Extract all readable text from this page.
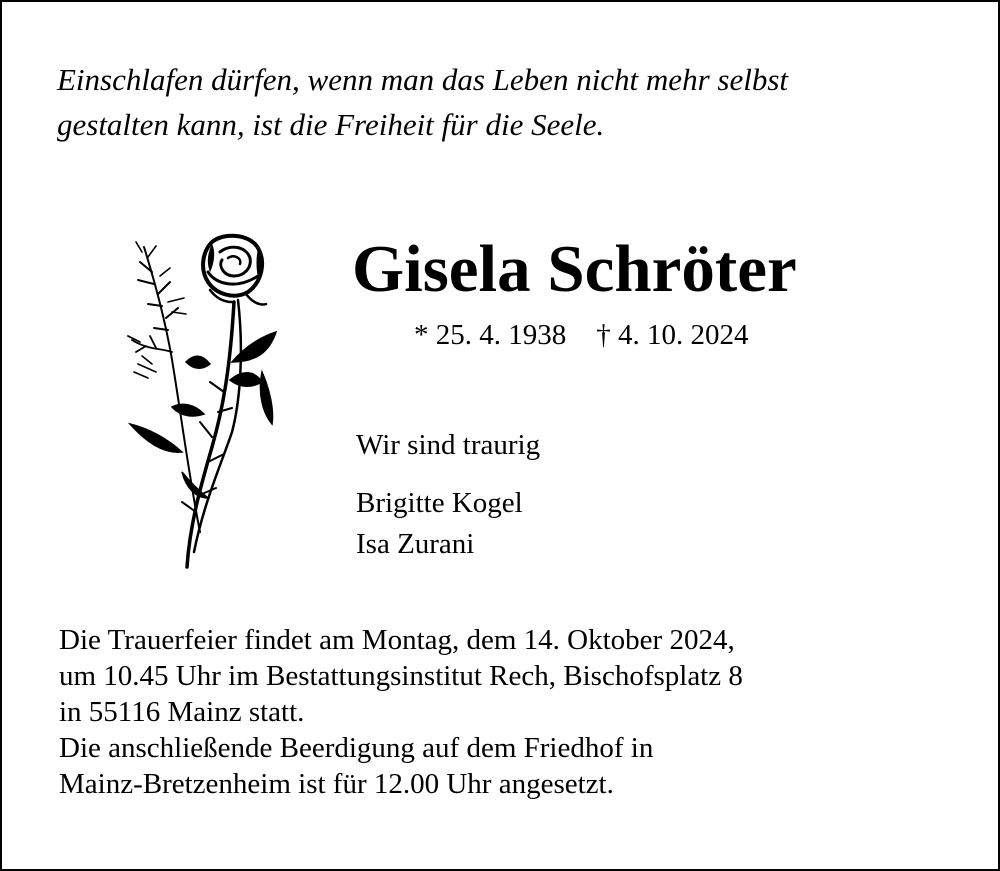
Einschlafen dürfen, wenn man das Leben nicht mehr selbst
gestalten kann, ist die Freiheit für die Seele.
Gisela Schröter
* 25. 4. 1938 † 4. 10. 2024
Wir sind traurig
Brigitte Kogel
Isa Zurani
Die Trauerfeier findet am Montag, dem 14. Oktober 2024,
um 10.45 Uhr im Bestattungsinstitut Rech, Bischofsplatz 8
in 55116 Mainz statt.
Die anschließende Beerdigung auf dem Friedhof in
Mainz-Bretzenheim ist für 12.00 Uhr angesetzt.
